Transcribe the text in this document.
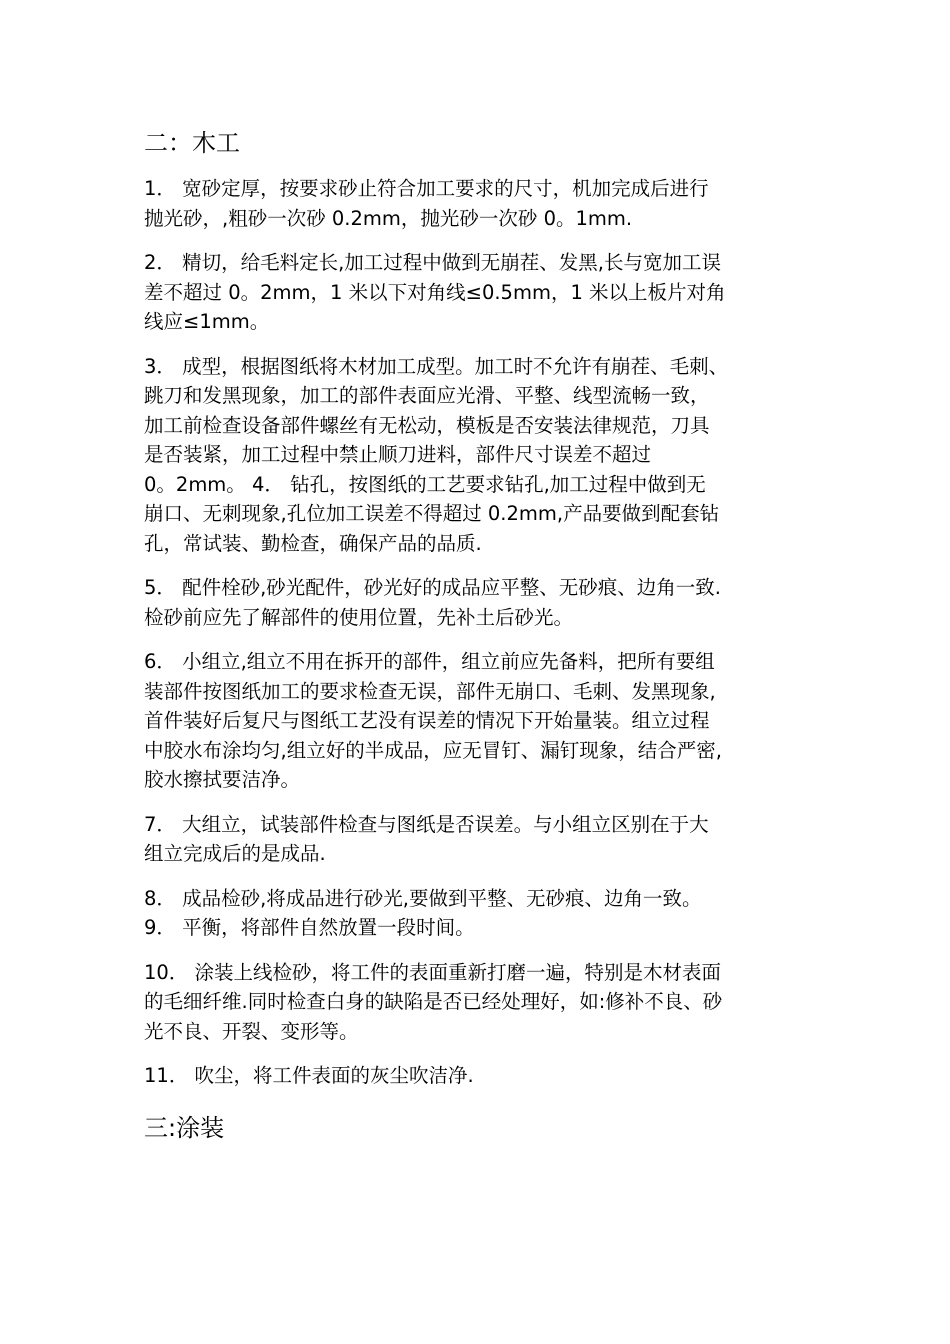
二：木工

1． 宽砂定厚，按要求砂止符合加工要求的尺寸，机加完成后进行
抛光砂，,粗砂一次砂 0.2mm，抛光砂一次砂 0。1mm.

2． 精切，给毛料定长,加工过程中做到无崩茬、发黑,长与宽加工误
差不超过 0。2mm，1 米以下对角线≤0.5mm，1 米以上板片对角
线应≤1mm。

3． 成型，根据图纸将木材加工成型。加工时不允许有崩茬、毛刺、
跳刀和发黑现象，加工的部件表面应光滑、平整、线型流畅一致，
加工前检查设备部件螺丝有无松动，模板是否安装法律规范，刀具
是否装紧，加工过程中禁止顺刀进料，部件尺寸误差不超过
0。2mm。 4． 钻孔，按图纸的工艺要求钻孔,加工过程中做到无
崩口、无刺现象,孔位加工误差不得超过 0.2mm,产品要做到配套钻
孔，常试装、勤检查，确保产品的品质.

5． 配件栓砂,砂光配件，砂光好的成品应平整、无砂痕、边角一致.
检砂前应先了解部件的使用位置，先补土后砂光。

6． 小组立,组立不用在拆开的部件，组立前应先备料，把所有要组
装部件按图纸加工的要求检查无误，部件无崩口、毛刺、发黑现象,
首件装好后复尺与图纸工艺没有误差的情况下开始量装。组立过程
中胶水布涂均匀,组立好的半成品，应无冒钉、漏钉现象，结合严密,
胶水擦拭要洁净。

7． 大组立，试装部件检查与图纸是否误差。与小组立区别在于大
组立完成后的是成品.

8． 成品检砂,将成品进行砂光,要做到平整、无砂痕、边角一致。

9． 平衡，将部件自然放置一段时间。

10． 涂装上线检砂，将工件的表面重新打磨一遍，特别是木材表面
的毛细纤维.同时检查白身的缺陷是否已经处理好，如:修补不良、砂
光不良、开裂、变形等。

11． 吹尘，将工件表面的灰尘吹洁净.

三:涂装
